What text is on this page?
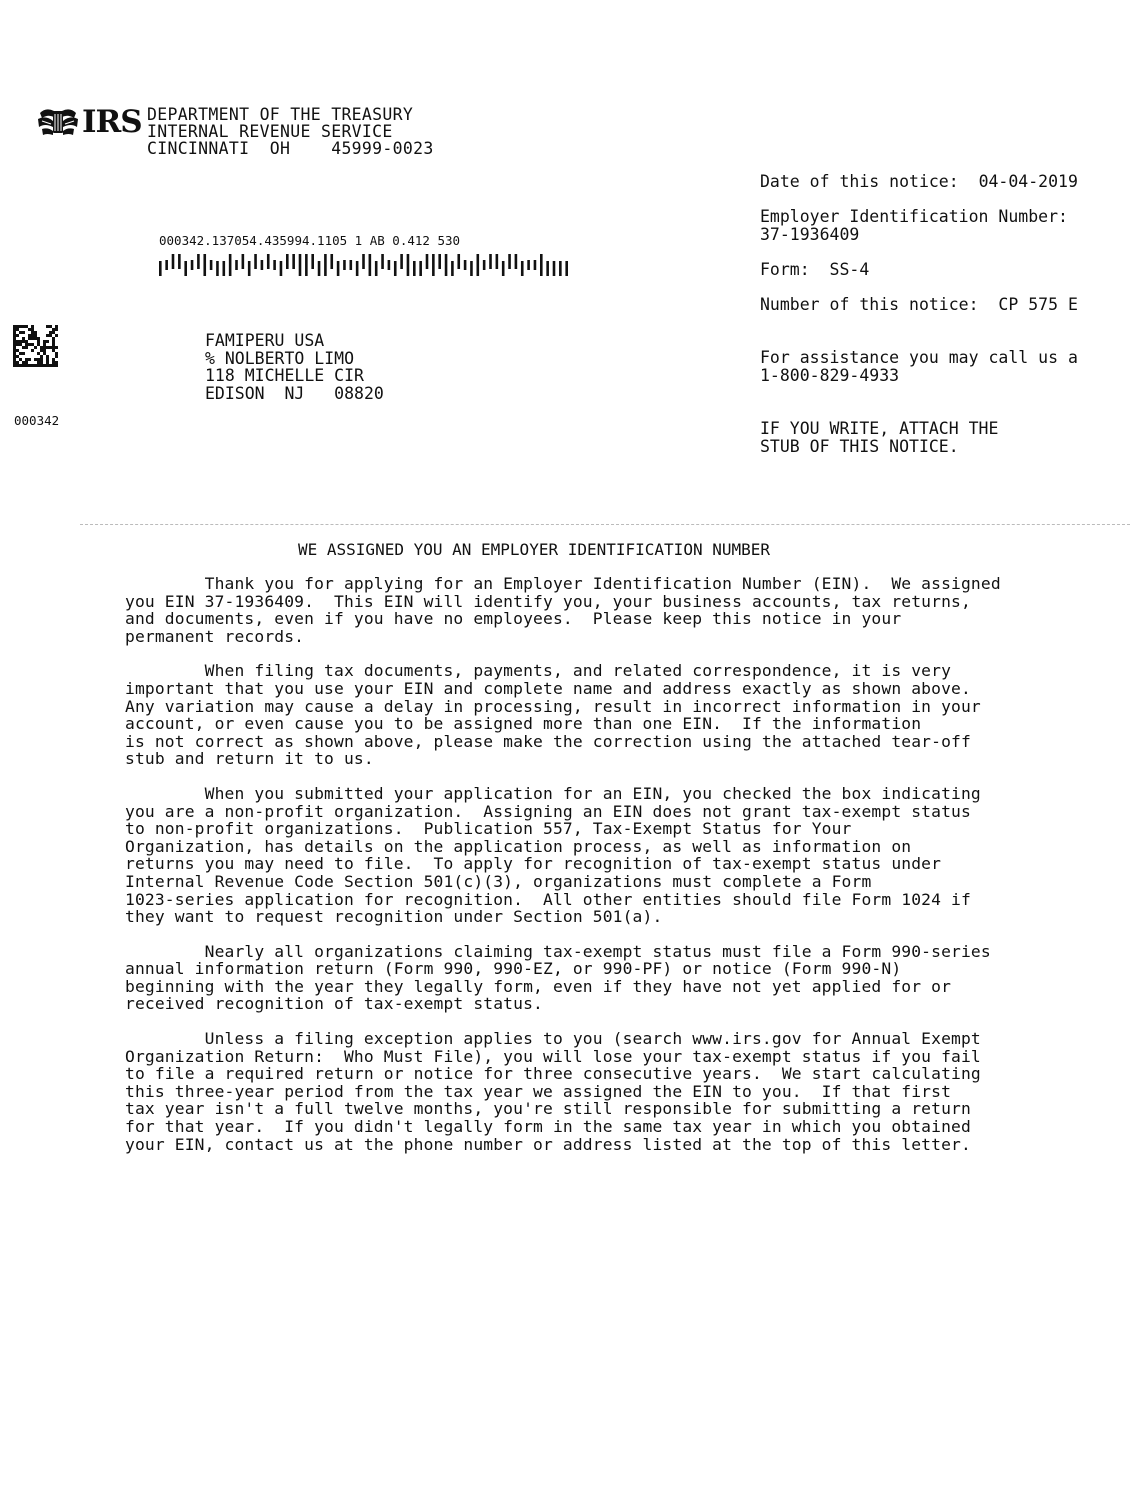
IRS DEPARTMENT OF THE TREASURY
INTERNAL REVENUE SERVICE
CINCINNATI  OH    45999-0023
Date of this notice: 04-04-2019
Employer Identification Number:
37-1936409
Form: SS-4
Number of this notice: CP 575 E
For assistance you may call us a
1-800-829-4933
IF YOU WRITE, ATTACH THE
STUB OF THIS NOTICE.
000342.137054.435994.1105 1 AB 0.412 530
000342
FAMIPERU USA
% NOLBERTO LIMO
118 MICHELLE CIR
EDISON  NJ   08820
WE ASSIGNED YOU AN EMPLOYER IDENTIFICATION NUMBER
Thank you for applying for an Employer Identification Number (EIN).  We assigned
you EIN 37-1936409.  This EIN will identify you, your business accounts, tax returns,
and documents, even if you have no employees.  Please keep this notice in your
permanent records.
When filing tax documents, payments, and related correspondence, it is very
important that you use your EIN and complete name and address exactly as shown above.
Any variation may cause a delay in processing, result in incorrect information in your
account, or even cause you to be assigned more than one EIN.  If the information
is not correct as shown above, please make the correction using the attached tear-off
stub and return it to us.
When you submitted your application for an EIN, you checked the box indicating
you are a non-profit organization.  Assigning an EIN does not grant tax-exempt status
to non-profit organizations.  Publication 557, Tax-Exempt Status for Your
Organization, has details on the application process, as well as information on
returns you may need to file.  To apply for recognition of tax-exempt status under
Internal Revenue Code Section 501(c)(3), organizations must complete a Form
1023-series application for recognition.  All other entities should file Form 1024 if
they want to request recognition under Section 501(a).
Nearly all organizations claiming tax-exempt status must file a Form 990-series
annual information return (Form 990, 990-EZ, or 990-PF) or notice (Form 990-N)
beginning with the year they legally form, even if they have not yet applied for or
received recognition of tax-exempt status.
Unless a filing exception applies to you (search www.irs.gov for Annual Exempt
Organization Return:  Who Must File), you will lose your tax-exempt status if you fail
to file a required return or notice for three consecutive years.  We start calculating
this three-year period from the tax year we assigned the EIN to you.  If that first
tax year isn't a full twelve months, you're still responsible for submitting a return
for that year.  If you didn't legally form in the same tax year in which you obtained
your EIN, contact us at the phone number or address listed at the top of this letter.
